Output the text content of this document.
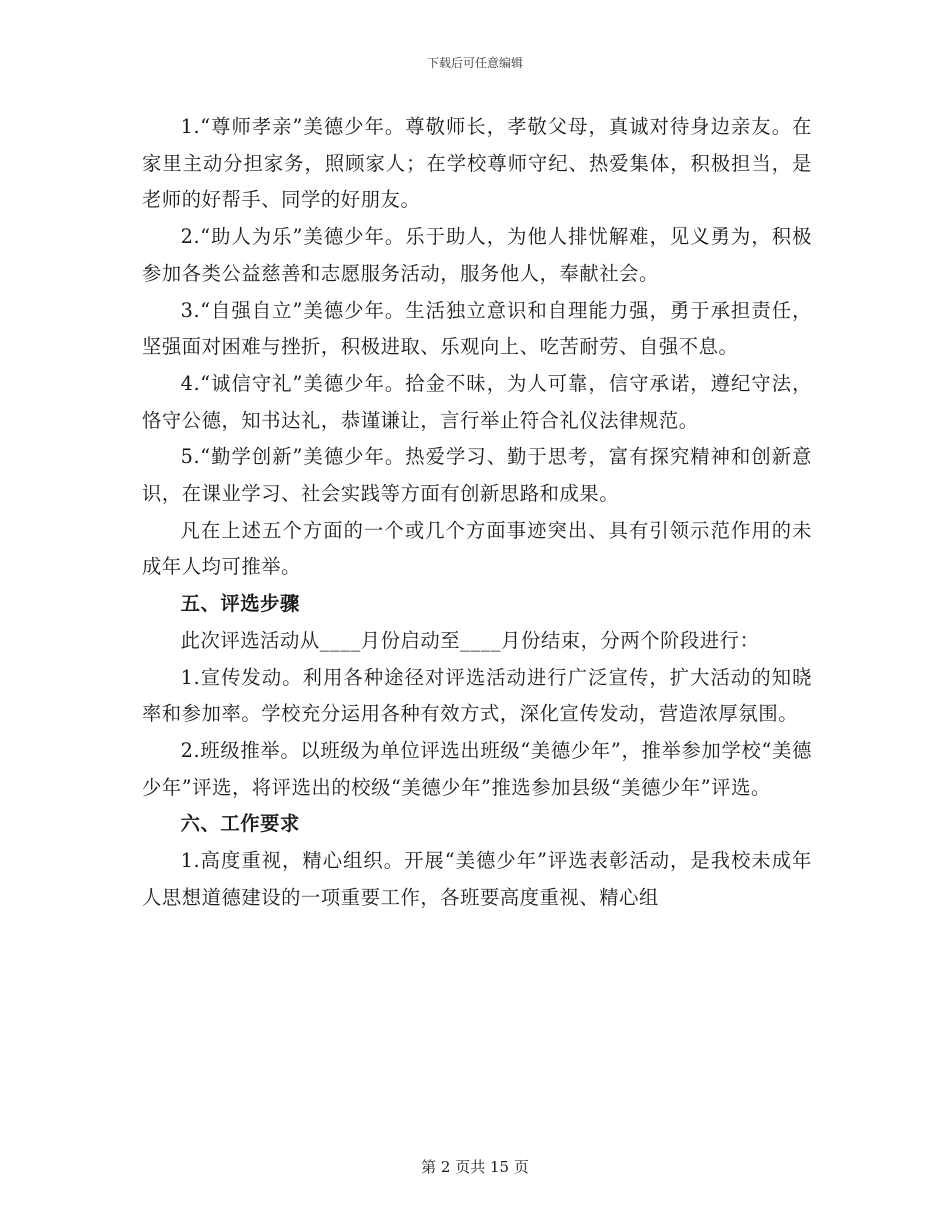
下载后可任意编辑

1.“尊师孝亲”美德少年。尊敬师长，孝敬父母，真诚对待身边亲友。在家里主动分担家务，照顾家人；在学校尊师守纪、热爱集体，积极担当，是老师的好帮手、同学的好朋友。

2.“助人为乐”美德少年。乐于助人，为他人排忧解难，见义勇为，积极参加各类公益慈善和志愿服务活动，服务他人，奉献社会。

3.“自强自立”美德少年。生活独立意识和自理能力强，勇于承担责任，坚强面对困难与挫折，积极进取、乐观向上、吃苦耐劳、自强不息。

4.“诚信守礼”美德少年。拾金不昧，为人可靠，信守承诺，遵纪守法，恪守公德，知书达礼，恭谨谦让，言行举止符合礼仪法律规范。

5.“勤学创新”美德少年。热爱学习、勤于思考，富有探究精神和创新意识，在课业学习、社会实践等方面有创新思路和成果。

凡在上述五个方面的一个或几个方面事迹突出、具有引领示范作用的未成年人均可推举。

五、评选步骤

此次评选活动从____月份启动至____月份结束，分两个阶段进行：

1.宣传发动。利用各种途径对评选活动进行广泛宣传，扩大活动的知晓率和参加率。学校充分运用各种有效方式，深化宣传发动，营造浓厚氛围。

2.班级推举。以班级为单位评选出班级“美德少年”，推举参加学校“美德少年”评选，将评选出的校级“美德少年”推选参加县级“美德少年”评选。

六、工作要求

1.高度重视，精心组织。开展“美德少年”评选表彰活动，是我校未成年人思想道德建设的一项重要工作，各班要高度重视、精心组

第 2 页共 15 页
